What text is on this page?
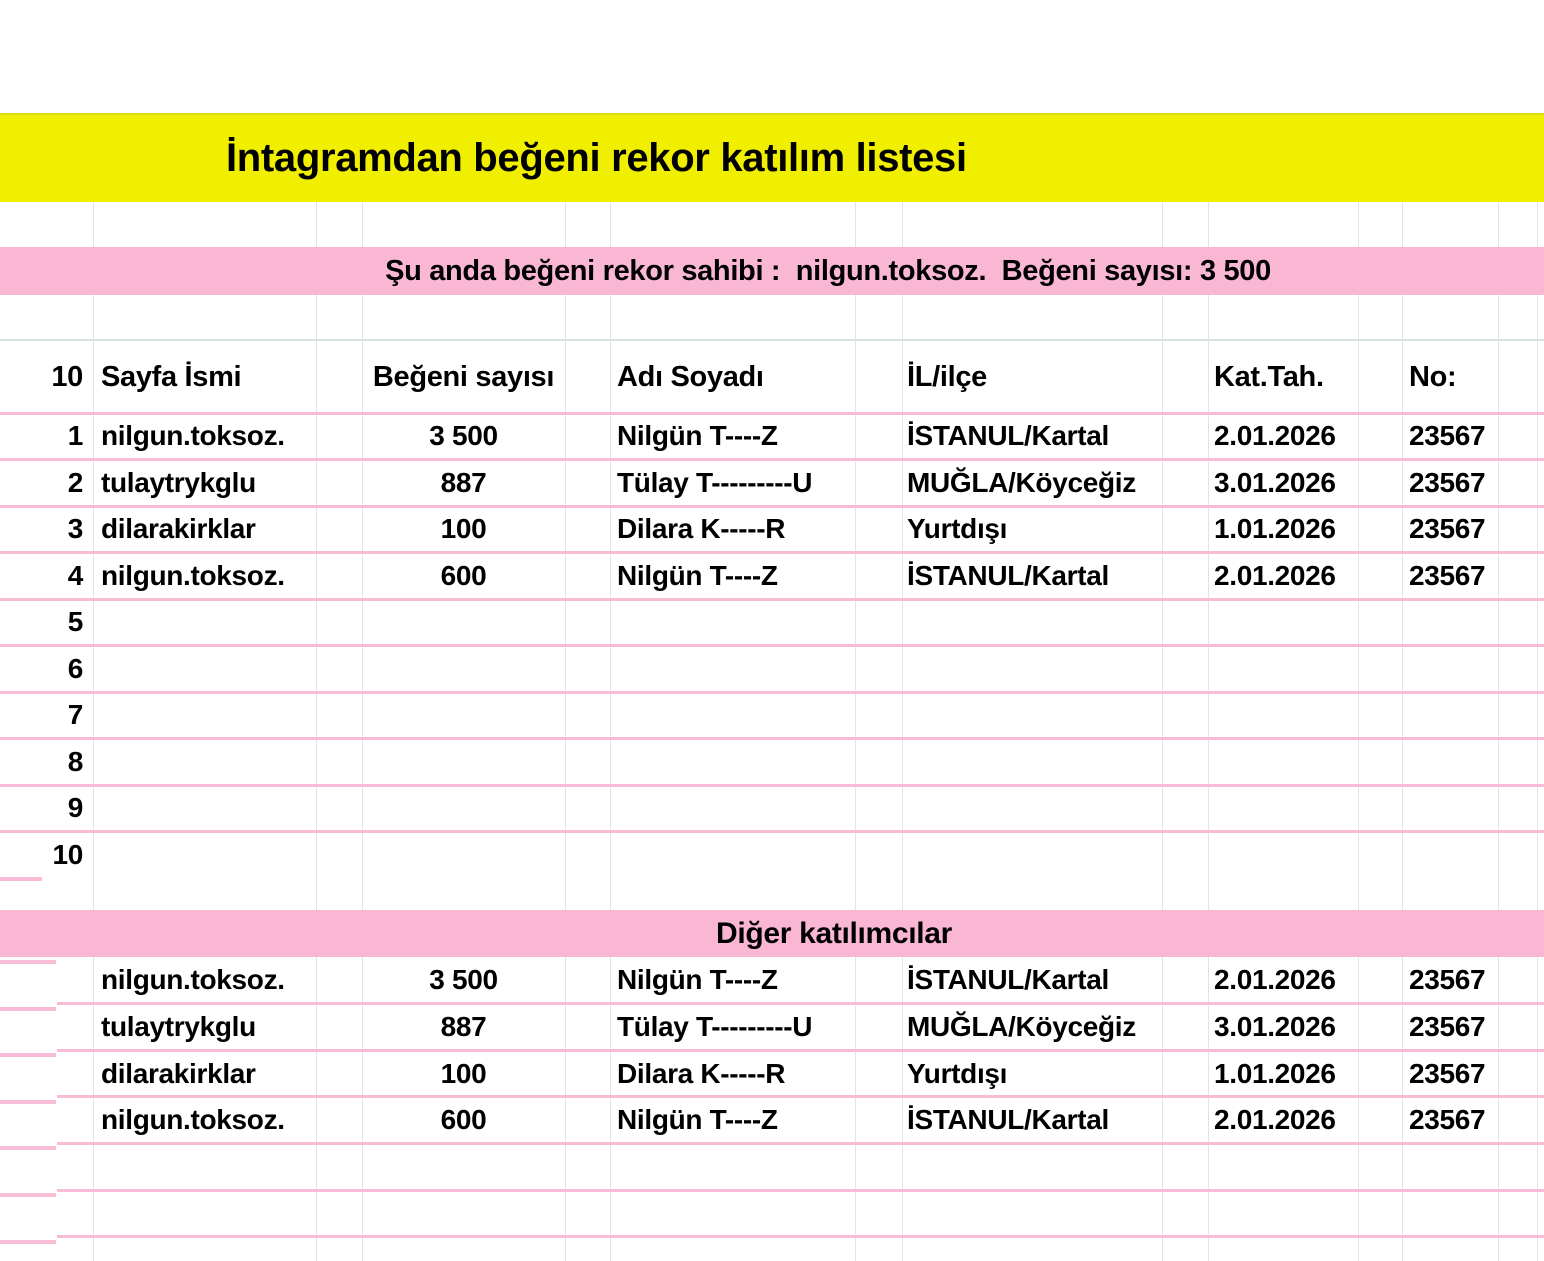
İntagramdan beğeni rekor katılım listesi
Şu anda beğeni rekor sahibi :  nilgun.toksoz.  Beğeni sayısı: 3 500
10 Sayfa İsmi	Beğeni sayısı	Adı Soyadı	İL/ilçe	Kat.Tah.	No:
1 nilgun.toksoz.	3 500	Nilgün T----Z	İSTANUL/Kartal	2.01.2026	23567
2 tulaytrykglu	887	Tülay T---------U	MUĞLA/Köyceğiz	3.01.2026	23567
3 dilarakirklar	100	Dilara K-----R	Yurtdışı	1.01.2026	23567
4 nilgun.toksoz.	600	Nilgün T----Z	İSTANUL/Kartal	2.01.2026	23567
5
6
7
8
9
10
Diğer katılımcılar
nilgun.toksoz.	3 500	Nilgün T----Z	İSTANUL/Kartal	2.01.2026	23567
tulaytrykglu	887	Tülay T---------U	MUĞLA/Köyceğiz	3.01.2026	23567
dilarakirklar	100	Dilara K-----R	Yurtdışı	1.01.2026	23567
nilgun.toksoz.	600	Nilgün T----Z	İSTANUL/Kartal	2.01.2026	23567
